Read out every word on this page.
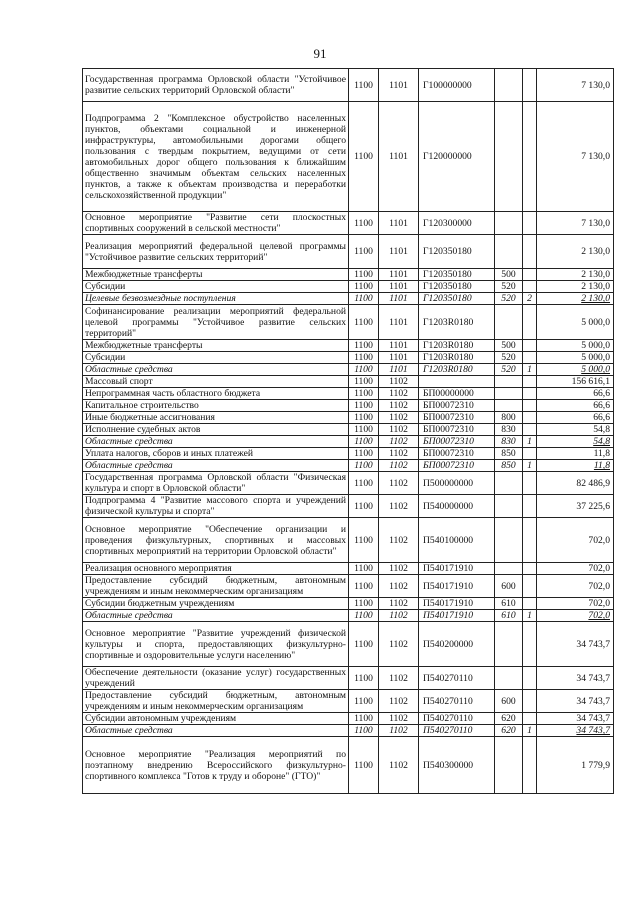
91
Государственная программа Орловской области "Устойчивое развитие сельских территорий Орловской области"	1100	1101	Г100000000			7 130,0
Подпрограмма 2 "Комплексное обустройство населенных пунктов, объектами социальной и инженерной инфраструктуры, автомобильными дорогами общего пользования с твердым покрытием, ведущими от сети автомобильных дорог общего пользования к ближайшим общественно значимым объектам сельских населенных пунктов, а также к объектам производства и переработки сельскохозяйственной продукции"	1100	1101	Г120000000			7 130,0
Основное мероприятие "Развитие сети плоскостных спортивных сооружений в сельской местности"	1100	1101	Г120300000			7 130,0
Реализация мероприятий федеральной целевой программы "Устойчивое развитие сельских территорий"	1100	1101	Г120350180			2 130,0
Межбюджетные трансферты	1100	1101	Г120350180	500		2 130,0
Субсидии	1100	1101	Г120350180	520		2 130,0
Целевые безвозмездные поступления	1100	1101	Г120350180	520	2	2 130,0
Софинансирование реализации мероприятий федеральной целевой программы "Устойчивое развитие сельских территорий"	1100	1101	Г1203R0180			5 000,0
Межбюджетные трансферты	1100	1101	Г1203R0180	500		5 000,0
Субсидии	1100	1101	Г1203R0180	520		5 000,0
Областные средства	1100	1101	Г1203R0180	520	1	5 000,0
Массовый спорт	1100	1102				156 616,1
Непрограммная часть областного бюджета	1100	1102	БП00000000			66,6
Капитальное строительство	1100	1102	БП00072310			66,6
Иные бюджетные ассигнования	1100	1102	БП00072310	800		66,6
Исполнение судебных актов	1100	1102	БП00072310	830		54,8
Областные средства	1100	1102	БП00072310	830	1	54,8
Уплата налогов, сборов и иных платежей	1100	1102	БП00072310	850		11,8
Областные средства	1100	1102	БП00072310	850	1	11,8
Государственная программа Орловской области "Физическая культура и спорт в Орловской области"	1100	1102	П500000000			82 486,9
Подпрограмма 4 "Развитие массового спорта и учреждений физической культуры и спорта"	1100	1102	П540000000			37 225,6
Основное мероприятие "Обеспечение организации и проведения физкультурных, спортивных и массовых спортивных мероприятий на территории Орловской области"	1100	1102	П540100000			702,0
Реализация основного мероприятия	1100	1102	П540171910			702,0
Предоставление субсидий бюджетным, автономным учреждениям и иным некоммерческим организациям	1100	1102	П540171910	600		702,0
Субсидии бюджетным учреждениям	1100	1102	П540171910	610		702,0
Областные средства	1100	1102	П540171910	610	1	702,0
Основное мероприятие "Развитие учреждений физической культуры и спорта, предоставляющих физкультурно-спортивные и оздоровительные услуги населению"	1100	1102	П540200000			34 743,7
Обеспечение деятельности (оказание услуг) государственных учреждений	1100	1102	П540270110			34 743,7
Предоставление субсидий бюджетным, автономным учреждениям и иным некоммерческим организациям	1100	1102	П540270110	600		34 743,7
Субсидии автономным учреждениям	1100	1102	П540270110	620		34 743,7
Областные средства	1100	1102	П540270110	620	1	34 743,7
Основное мероприятие "Реализация мероприятий по поэтапному внедрению Всероссийского физкультурно-спортивного комплекса "Готов к труду и обороне" (ГТО)"	1100	1102	П540300000			1 779,9
